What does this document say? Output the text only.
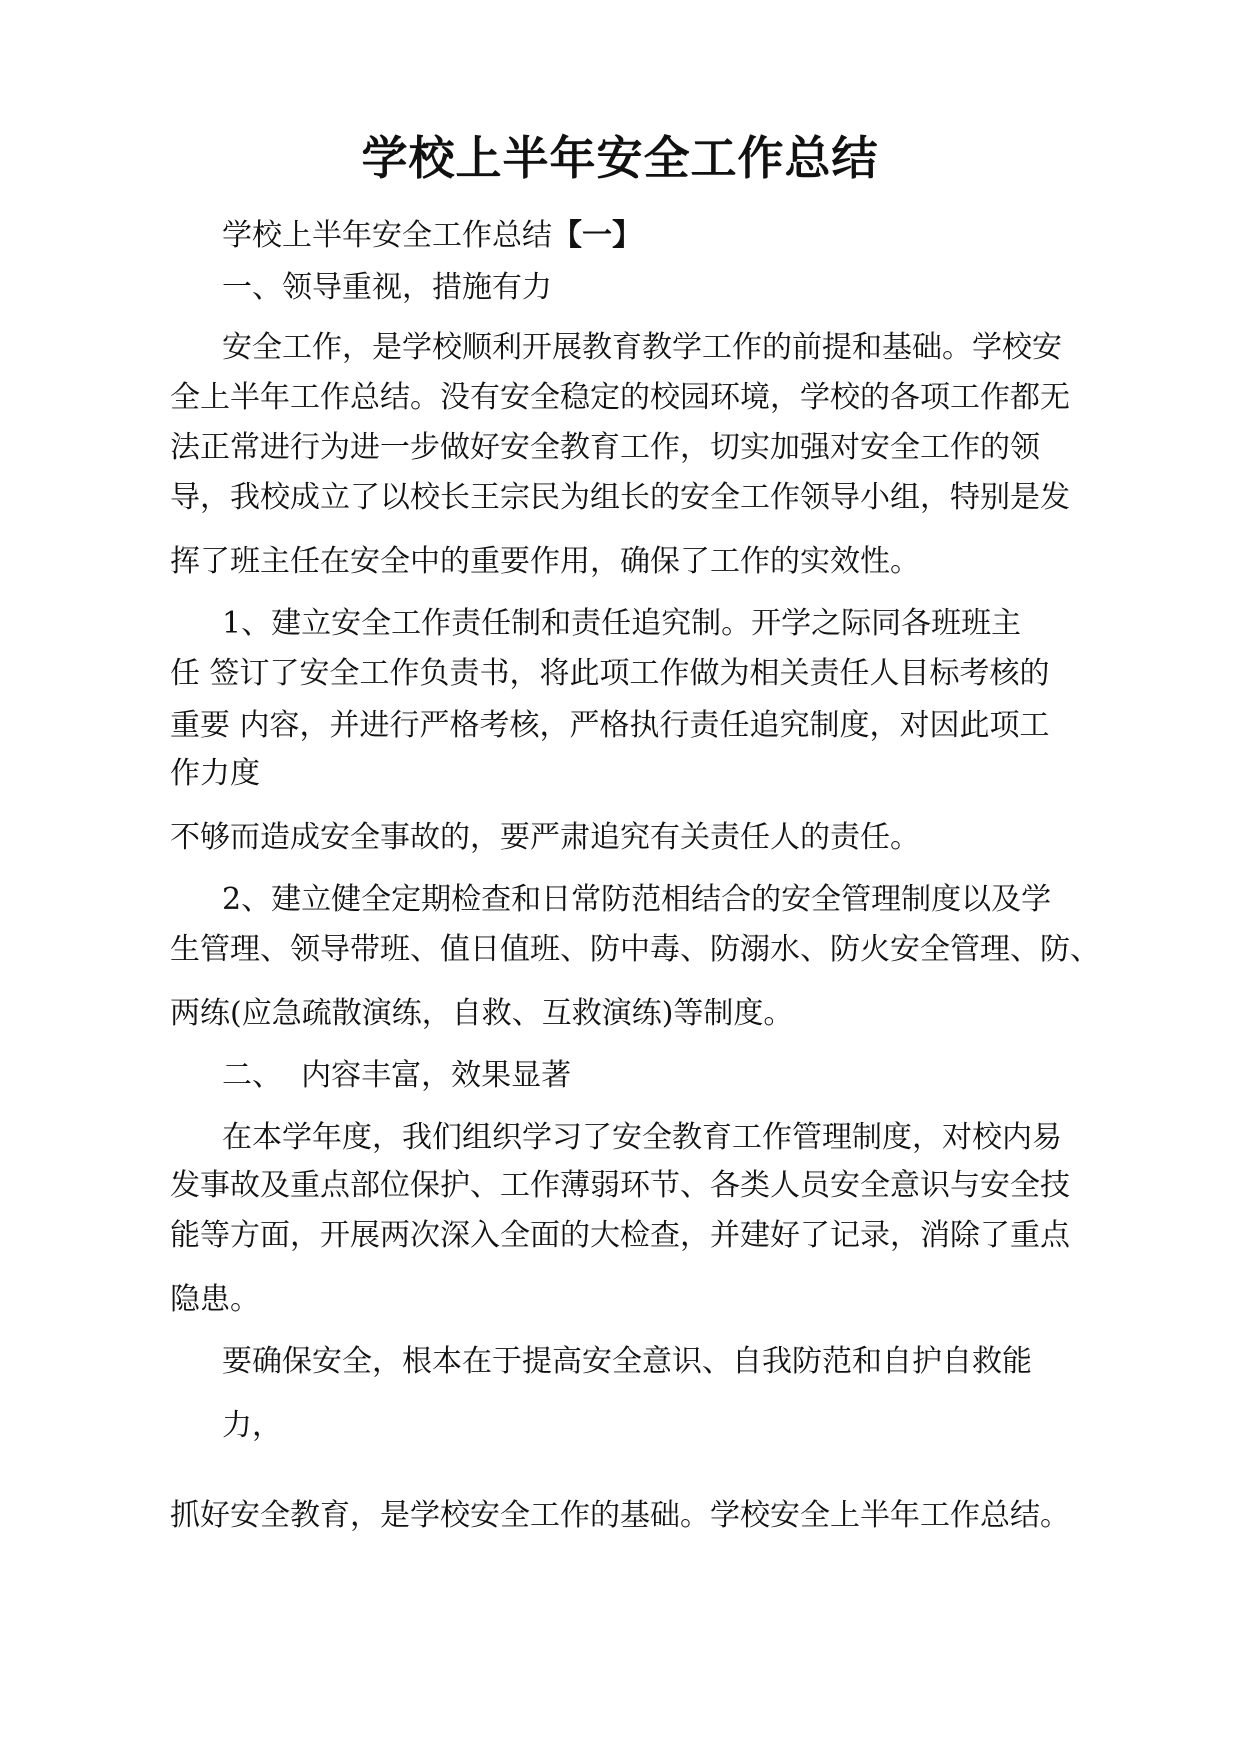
学校上半年安全工作总结
学校上半年安全工作总结【一】
一、领导重视，措施有力
安全工作，是学校顺利开展教育教学工作的前提和基础。学校安
全上半年工作总结。没有安全稳定的校园环境，学校的各项工作都无
法正常进行为进一步做好安全教育工作，切实加强对安全工作的领
导，我校成立了以校长王宗民为组长的安全工作领导小组，特别是发
挥了班主任在安全中的重要作用，确保了工作的实效性。
1、建立安全工作责任制和责任追究制。开学之际同各班班主
任 签订了安全工作负责书，将此项工作做为相关责任人目标考核的
重要 内容，并进行严格考核，严格执行责任追究制度，对因此项工
作力度
不够而造成安全事故的，要严肃追究有关责任人的责任。
2、建立健全定期检查和日常防范相结合的安全管理制度以及学
生管理、领导带班、值日值班、防中毒、防溺水、防火安全管理、防、
两练(应急疏散演练，自救、互救演练)等制度。
二、  内容丰富，效果显著
在本学年度，我们组织学习了安全教育工作管理制度，对校内易
发事故及重点部位保护、工作薄弱环节、各类人员安全意识与安全技
能等方面，开展两次深入全面的大检查，并建好了记录，消除了重点
隐患。
要确保安全，根本在于提高安全意识、自我防范和自护自救能
力，
抓好安全教育，是学校安全工作的基础。学校安全上半年工作总结。
